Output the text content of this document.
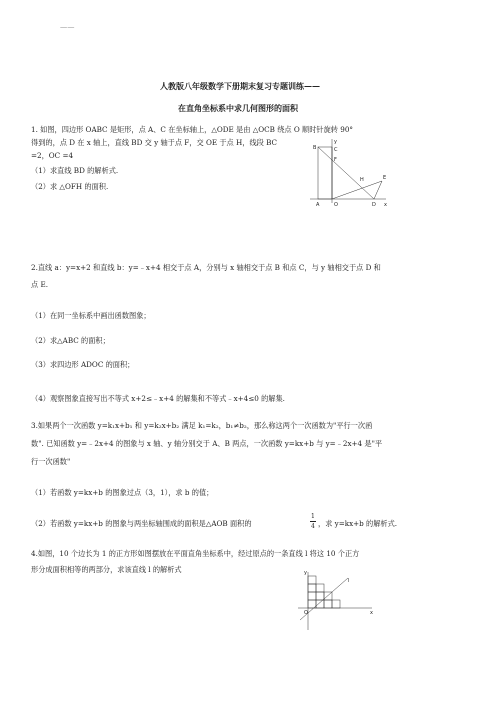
——
人教版八年级数学下册期末复习专题训练——
在直角坐标系中求几何图形的面积
1. 如图，四边形 OABC 是矩形，点 A、C 在坐标轴上，△ODE 是由 △OCB 绕点 O 顺时针旋转 90°
得到的，点 D 在 x 轴上，直线 BD 交 y 轴于点 F，交 OE 于点 H，线段 BC
=2，OC =4
（1）求直线 BD 的解析式.
（2）求 △OFH 的面积.
y
B	C
F
E
H
A	O	D x
2.直线 a：y=x+2 和直线 b：y=﹣x+4 相交于点 A，分别与 x 轴相交于点 B 和点 C，与 y 轴相交于点 D 和
点 E.
（1）在同一坐标系中画出函数图象；
（2）求△ABC 的面积；
（3）求四边形 ADOC 的面积；
（4）观察图象直接写出不等式 x+2≤﹣x+4 的解集和不等式﹣x+4≤0 的解集.
3.如果两个一次函数 y=k₁x+b₁ 和 y=k₂x+b₂ 满足 k₁=k₂，b₁≠b₂，那么称这两个一次函数为"平行一次函
数". 已知函数 y=﹣2x+4 的图象与 x 轴、y 轴分别交于 A、B 两点，一次函数 y=kx+b 与 y=﹣2x+4 是"平
行一次函数"
（1）若函数 y=kx+b 的图象过点（3，1），求 b 的值；
（2）若函数 y=kx+b 的图象与两坐标轴围成的面积是△AOB 面积的
1
4 ，求 y=kx+b 的解析式.
4.如图，10 个边长为 1 的正方形如图摆放在平面直角坐标系中，经过原点的一条直线 l 将这 10 个正方
形分成面积相等的两部分，求该直线 l 的解析式	y
x
O
l
